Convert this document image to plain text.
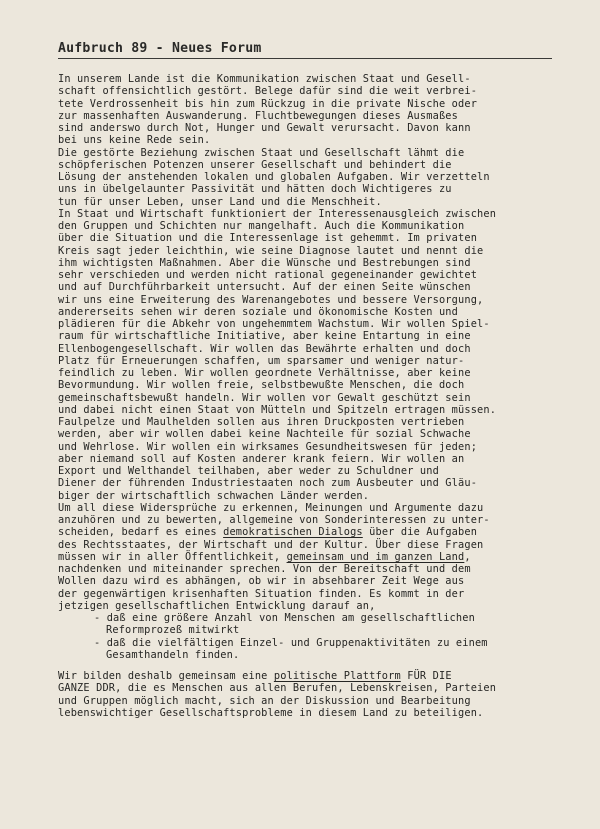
Aufbruch 89 - Neues Forum
In unserem Lande ist die Kommunikation zwischen Staat und Gesell-
schaft offensichtlich gestört. Belege dafür sind die weit verbrei-
tete Verdrossenheit bis hin zum Rückzug in die private Nische oder
zur massenhaften Auswanderung. Fluchtbewegungen dieses Ausmaßes
sind anderswo durch Not, Hunger und Gewalt verursacht. Davon kann
bei uns keine Rede sein.
Die gestörte Beziehung zwischen Staat und Gesellschaft lähmt die
schöpferischen Potenzen unserer Gesellschaft und behindert die
Lösung der anstehenden lokalen und globalen Aufgaben. Wir verzetteln
uns in übelgelaunter Passivität und hätten doch Wichtigeres zu
tun für unser Leben, unser Land und die Menschheit.
In Staat und Wirtschaft funktioniert der Interessenausgleich zwischen
den Gruppen und Schichten nur mangelhaft. Auch die Kommunikation
über die Situation und die Interessenlage ist gehemmt. Im privaten
Kreis sagt jeder leichthin, wie seine Diagnose lautet und nennt die
ihm wichtigsten Maßnahmen. Aber die Wünsche und Bestrebungen sind
sehr verschieden und werden nicht rational gegeneinander gewichtet
und auf Durchführbarkeit untersucht. Auf der einen Seite wünschen
wir uns eine Erweiterung des Warenangebotes und bessere Versorgung,
andererseits sehen wir deren soziale und ökonomische Kosten und
plädieren für die Abkehr von ungehemmtem Wachstum. Wir wollen Spiel-
raum für wirtschaftliche Initiative, aber keine Entartung in eine
Ellenbogengesellschaft. Wir wollen das Bewährte erhalten und doch
Platz für Erneuerungen schaffen, um sparsamer und weniger natur-
feindlich zu leben. Wir wollen geordnete Verhältnisse, aber keine
Bevormundung. Wir wollen freie, selbstbewußte Menschen, die doch
gemeinschaftsbewußt handeln. Wir wollen vor Gewalt geschützt sein
und dabei nicht einen Staat von Mütteln und Spitzeln ertragen müssen.
Faulpelze und Maulhelden sollen aus ihren Druckposten vertrieben
werden, aber wir wollen dabei keine Nachteile für sozial Schwache
und Wehrlose. Wir wollen ein wirksames Gesundheitswesen für jeden;
aber niemand soll auf Kosten anderer krank feiern. Wir wollen an
Export und Welthandel teilhaben, aber weder zu Schuldner und
Diener der führenden Industriestaaten noch zum Ausbeuter und Gläu-
biger der wirtschaftlich schwachen Länder werden.
Um all diese Widersprüche zu erkennen, Meinungen und Argumente dazu
anzuhören und zu bewerten, allgemeine von Sonderinteressen zu unter-
scheiden, bedarf es eines demokratischen Dialogs über die Aufgaben
des Rechtsstaates, der Wirtschaft und der Kultur. Über diese Fragen
müssen wir in aller Öffentlichkeit, gemeinsam und im ganzen Land,
nachdenken und miteinander sprechen. Von der Bereitschaft und dem
Wollen dazu wird es abhängen, ob wir in absehbarer Zeit Wege aus
der gegenwärtigen krisenhaften Situation finden. Es kommt in der
jetzigen gesellschaftlichen Entwicklung darauf an,
- daß eine größere Anzahl von Menschen am gesellschaftlichen
Reformprozeß mitwirkt
- daß die vielfältigen Einzel- und Gruppenaktivitäten zu einem
Gesamthandeln finden.
Wir bilden deshalb gemeinsam eine politische Plattform FÜR DIE
GANZE DDR, die es Menschen aus allen Berufen, Lebenskreisen, Parteien
und Gruppen möglich macht, sich an der Diskussion und Bearbeitung
lebenswichtiger Gesellschaftsprobleme in diesem Land zu beteiligen.
